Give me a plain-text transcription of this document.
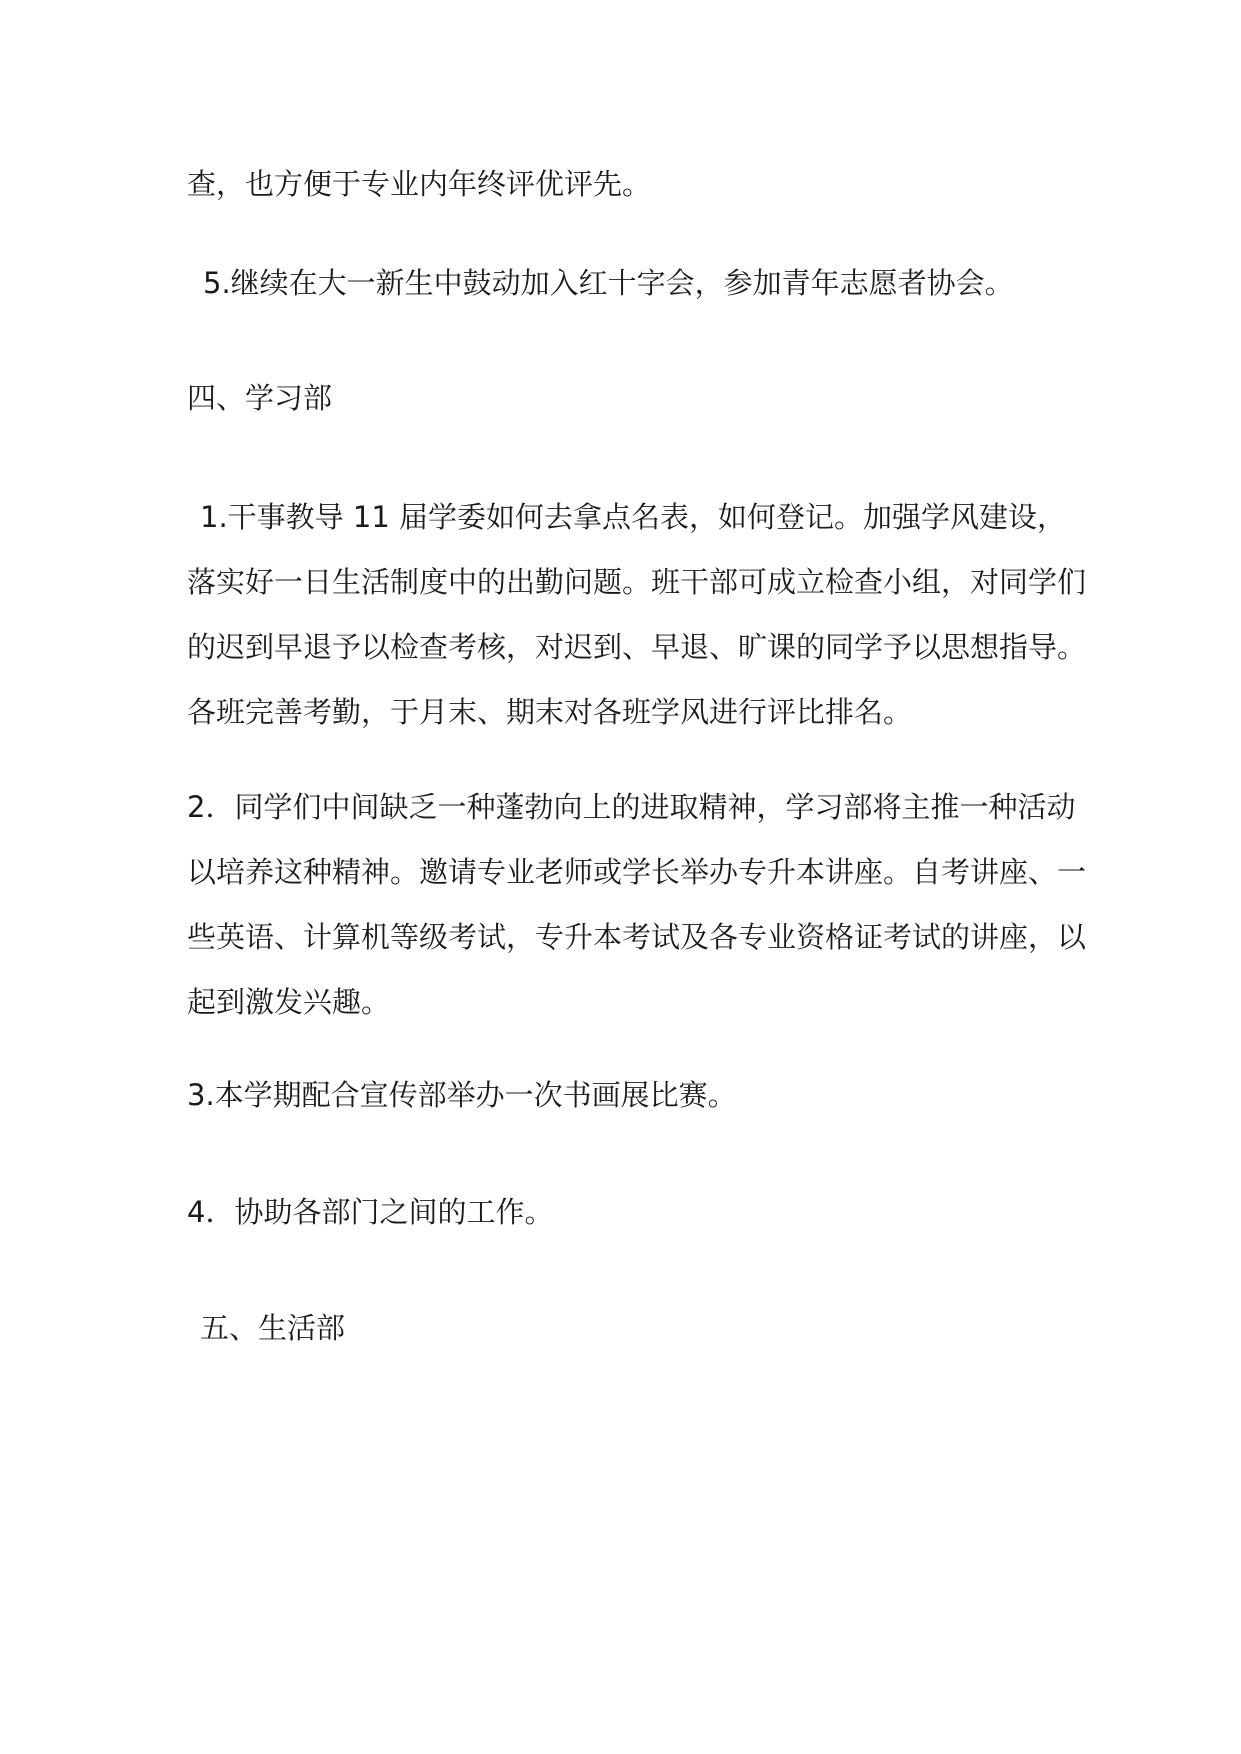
查，也方便于专业内年终评优评先。

5.继续在大一新生中鼓动加入红十字会，参加青年志愿者协会。

四、学习部

1.干事教导 11 届学委如何去拿点名表，如何登记。加强学风建设，落实好一日生活制度中的出勤问题。班干部可成立检查小组，对同学们的迟到早退予以检查考核，对迟到、早退、旷课的同学予以思想指导。各班完善考勤，于月末、期末对各班学风进行评比排名。

2．同学们中间缺乏一种蓬勃向上的进取精神，学习部将主推一种活动以培养这种精神。邀请专业老师或学长举办专升本讲座。自考讲座、一些英语、计算机等级考试，专升本考试及各专业资格证考试的讲座，以起到激发兴趣。

3.本学期配合宣传部举办一次书画展比赛。

4．协助各部门之间的工作。

五、生活部
